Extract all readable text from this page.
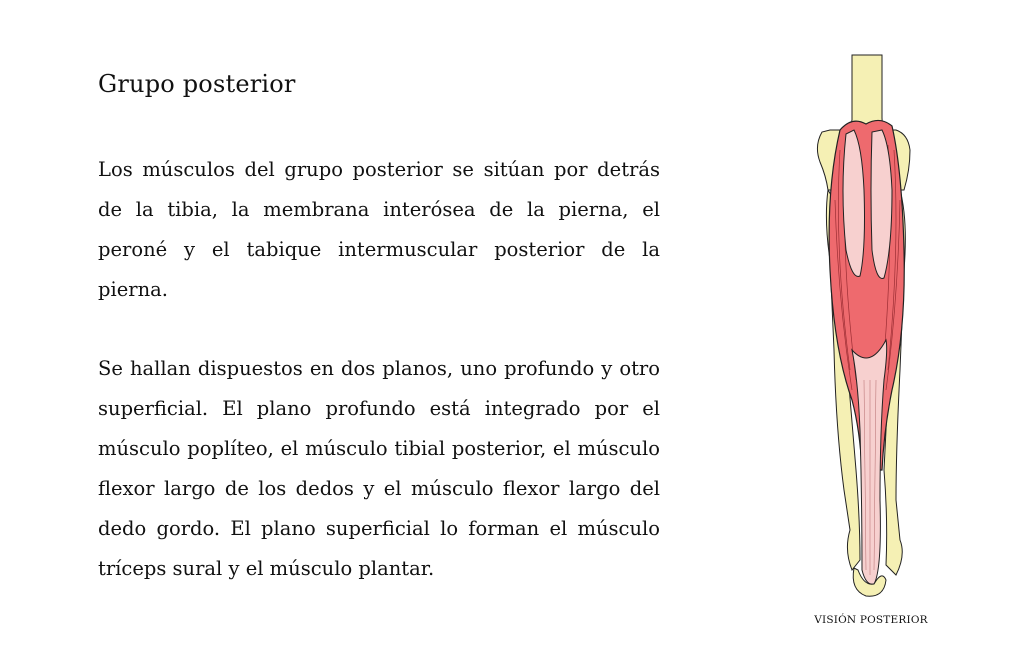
Grupo posterior

Los músculos del grupo posterior se sitúan por detrás de la tibia, la membrana interósea de la pierna, el peroné y el tabique intermuscular posterior de la pierna.

Se hallan dispuestos en dos planos, uno profundo y otro superficial. El plano profundo está integrado por el músculo poplíteo, el músculo tibial posterior, el músculo flexor largo de los dedos y el músculo flexor largo del dedo gordo. El plano superficial lo forman el músculo tríceps sural y el músculo plantar.

VISIÓN POSTERIOR
